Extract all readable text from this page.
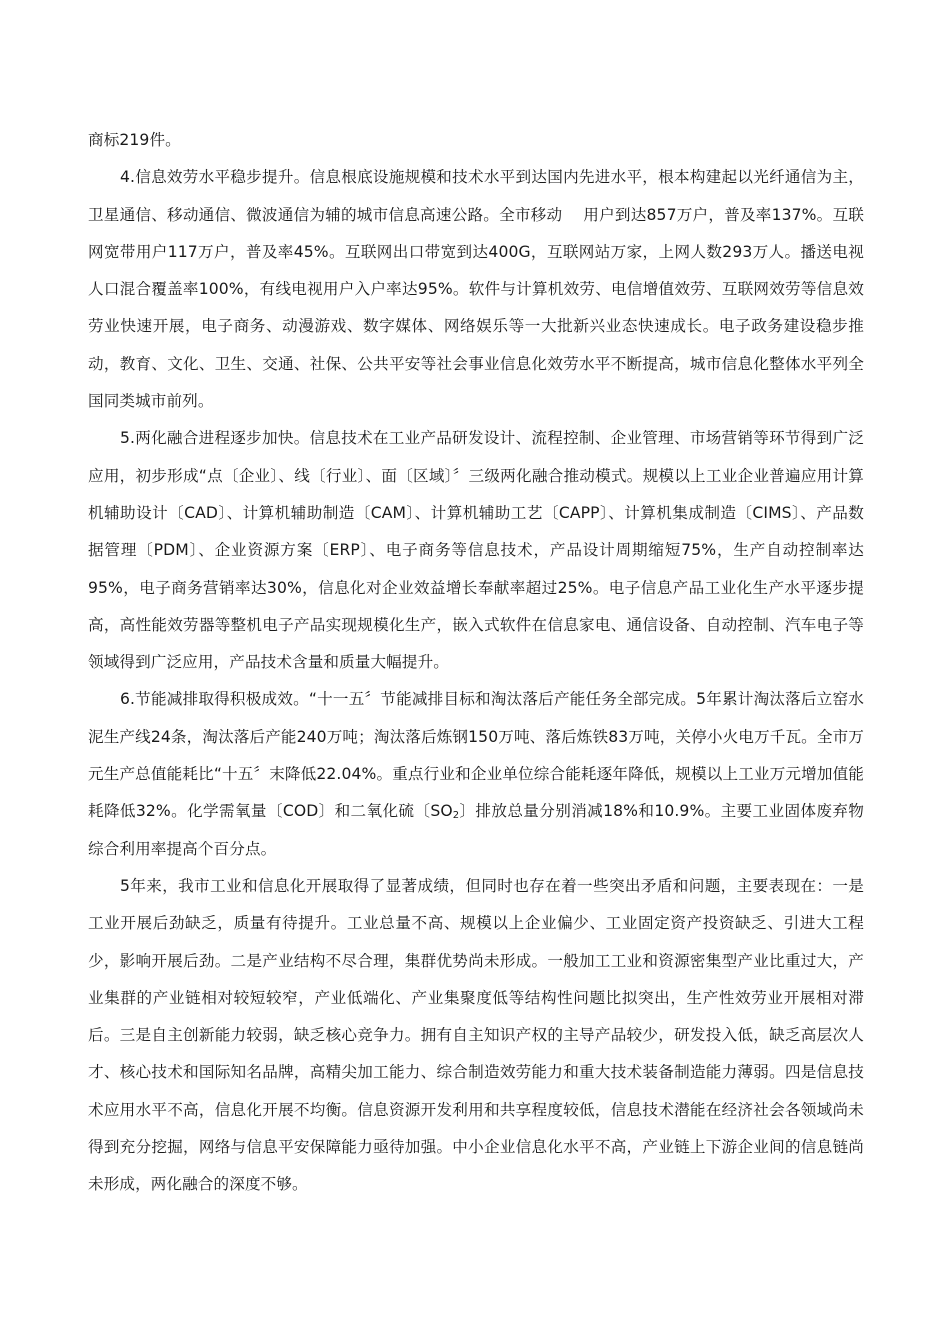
商标219件。

4.信息效劳水平稳步提升。信息根底设施规模和技术水平到达国内先进水平，根本构建起以光纤通信为主，卫星通信、移动通信、微波通信为辅的城市信息高速公路。全市移动　 用户到达857万户，普及率137%。互联网宽带用户117万户，普及率45%。互联网出口带宽到达400G，互联网站万家，上网人数293万人。播送电视人口混合覆盖率100%，有线电视用户入户率达95%。软件与计算机效劳、电信增值效劳、互联网效劳等信息效劳业快速开展，电子商务、动漫游戏、数字媒体、网络娱乐等一大批新兴业态快速成长。电子政务建设稳步推动，教育、文化、卫生、交通、社保、公共平安等社会事业信息化效劳水平不断提高，城市信息化整体水平列全国同类城市前列。

5.两化融合进程逐步加快。信息技术在工业产品研发设计、流程控制、企业管理、市场营销等环节得到广泛应用，初步形成“点〔企业〕、线〔行业〕、面〔区域〕〞三级两化融合推动模式。规模以上工业企业普遍应用计算机辅助设计〔CAD〕、计算机辅助制造〔CAM〕、计算机辅助工艺〔CAPP〕、计算机集成制造〔CIMS〕、产品数据管理〔PDM〕、企业资源方案〔ERP〕、电子商务等信息技术，产品设计周期缩短75%，生产自动控制率达95%，电子商务营销率达30%，信息化对企业效益增长奉献率超过25%。电子信息产品工业化生产水平逐步提高，高性能效劳器等整机电子产品实现规模化生产，嵌入式软件在信息家电、通信设备、自动控制、汽车电子等领域得到广泛应用，产品技术含量和质量大幅提升。

6.节能减排取得积极成效。“十一五〞节能减排目标和淘汰落后产能任务全部完成。5年累计淘汰落后立窑水泥生产线24条，淘汰落后产能240万吨；淘汰落后炼钢150万吨、落后炼铁83万吨，关停小火电万千瓦。全市万元生产总值能耗比“十五〞末降低22.04%。重点行业和企业单位综合能耗逐年降低，规模以上工业万元增加值能耗降低32%。化学需氧量〔COD〕和二氧化硫〔$SO_2$〕排放总量分别消减18%和10.9%。主要工业固体废弃物综合利用率提高个百分点。

5年来，我市工业和信息化开展取得了显著成绩，但同时也存在着一些突出矛盾和问题，主要表现在：一是工业开展后劲缺乏，质量有待提升。工业总量不高、规模以上企业偏少、工业固定资产投资缺乏、引进大工程少，影响开展后劲。二是产业结构不尽合理，集群优势尚未形成。一般加工工业和资源密集型产业比重过大，产业集群的产业链相对较短较窄，产业低端化、产业集聚度低等结构性问题比拟突出，生产性效劳业开展相对滞后。三是自主创新能力较弱，缺乏核心竞争力。拥有自主知识产权的主导产品较少，研发投入低，缺乏高层次人才、核心技术和国际知名品牌，高精尖加工能力、综合制造效劳能力和重大技术装备制造能力薄弱。四是信息技术应用水平不高，信息化开展不均衡。信息资源开发利用和共享程度较低，信息技术潜能在经济社会各领域尚未得到充分挖掘，网络与信息平安保障能力亟待加强。中小企业信息化水平不高，产业链上下游企业间的信息链尚未形成，两化融合的深度不够。
